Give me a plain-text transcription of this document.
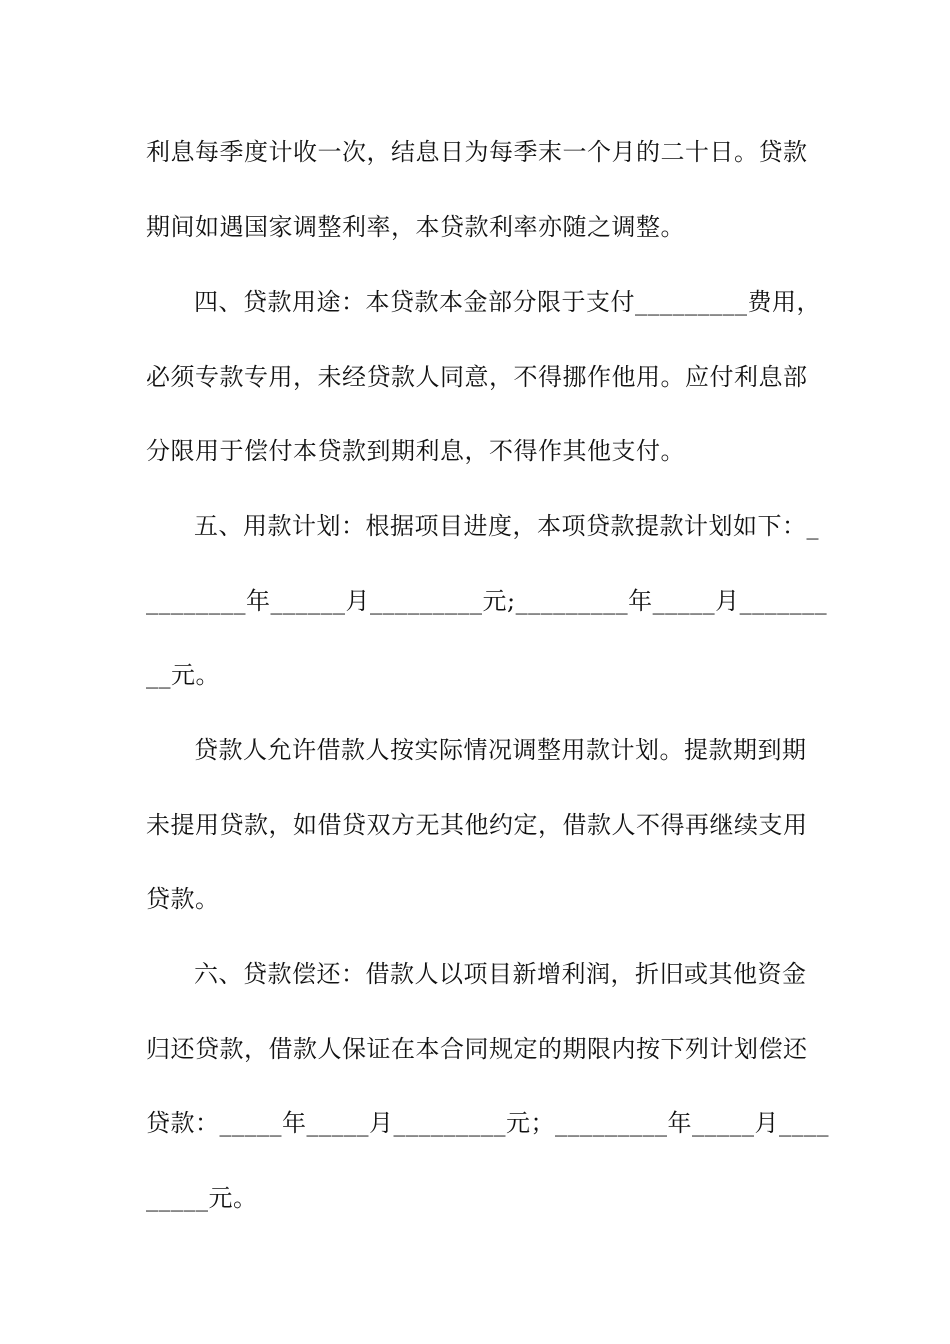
利息每季度计收一次，结息日为每季末一个月的二十日。贷款
期间如遇国家调整利率，本贷款利率亦随之调整。
四、贷款用途：本贷款本金部分限于支付_________费用，
必须专款专用，未经贷款人同意，不得挪作他用。应付利息部
分限用于偿付本贷款到期利息，不得作其他支付。
五、用款计划：根据项目进度，本项贷款提款计划如下：_
________年______月_________元;_________年_____月_______
__元。
贷款人允许借款人按实际情况调整用款计划。提款期到期
未提用贷款，如借贷双方无其他约定，借款人不得再继续支用
贷款。
六、贷款偿还：借款人以项目新增利润，折旧或其他资金
归还贷款，借款人保证在本合同规定的期限内按下列计划偿还
贷款：_____年_____月_________元；_________年_____月____
_____元。
